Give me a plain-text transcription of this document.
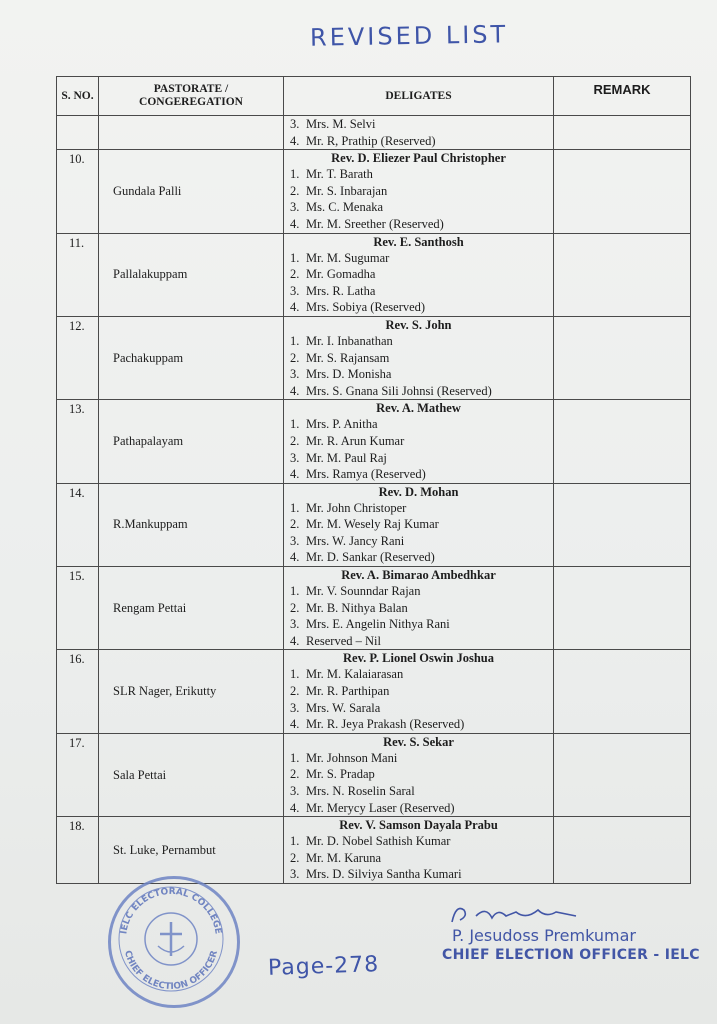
REVISED LIST
S. NO.	PASTORATE / CONGEREGATION	DELIGATES	REMARK

		3. Mrs. M. Selvi
4. Mr. R, Prathip (Reserved)	

10.	Gundala Palli	Rev. D. Eliezer Paul Christopher
1. Mr. T. Barath
2. Mr. S. Inbarajan
3. Ms. C. Menaka
4. Mr. M. Sreether (Reserved)	

11.	Pallalakuppam	Rev. E. Santhosh
1. Mr. M. Sugumar
2. Mr. Gomadha
3. Mrs. R. Latha
4. Mrs. Sobiya (Reserved)	

12.	Pachakuppam	Rev. S. John
1. Mr. I. Inbanathan
2. Mr. S. Rajansam
3. Mrs. D. Monisha
4. Mrs. S. Gnana Sili Johnsi (Reserved)	

13.	Pathapalayam	Rev. A. Mathew
1. Mrs. P. Anitha
2. Mr. R. Arun Kumar
3. Mr. M. Paul Raj
4. Mrs. Ramya (Reserved)	

14.	R.Mankuppam	Rev. D. Mohan
1. Mr. John Christoper
2. Mr. M. Wesely Raj Kumar
3. Mrs. W. Jancy Rani
4. Mr. D. Sankar (Reserved)	

15.	Rengam Pettai	Rev. A. Bimarao Ambedhkar
1. Mr. V. Sounndar Rajan
2. Mr. B. Nithya Balan
3. Mrs. E. Angelin Nithya Rani
4. Reserved – Nil	

16.	SLR Nager, Erikutty	Rev. P. Lionel Oswin Joshua
1. Mr. M. Kalaiarasan
2. Mr. R. Parthipan
3. Mrs. W. Sarala
4. Mr. R. Jeya Prakash (Reserved)	

17.	Sala Pettai	Rev. S. Sekar
1. Mr. Johnson Mani
2. Mr. S. Pradap
3. Mrs. N. Roselin Saral
4. Mr. Merycy Laser (Reserved)	

18.	St. Luke, Pernambut	Rev. V. Samson Dayala Prabu
1. Mr. D. Nobel Sathish Kumar
2. Mr. M. Karuna
3. Mrs. D. Silviya Santha Kumari	

IELC ELECTORAL COLLEGE
CHIEF ELECTION OFFICER
P. Jesudoss Premkumar
CHIEF ELECTION OFFICER - IELC
Page-278
